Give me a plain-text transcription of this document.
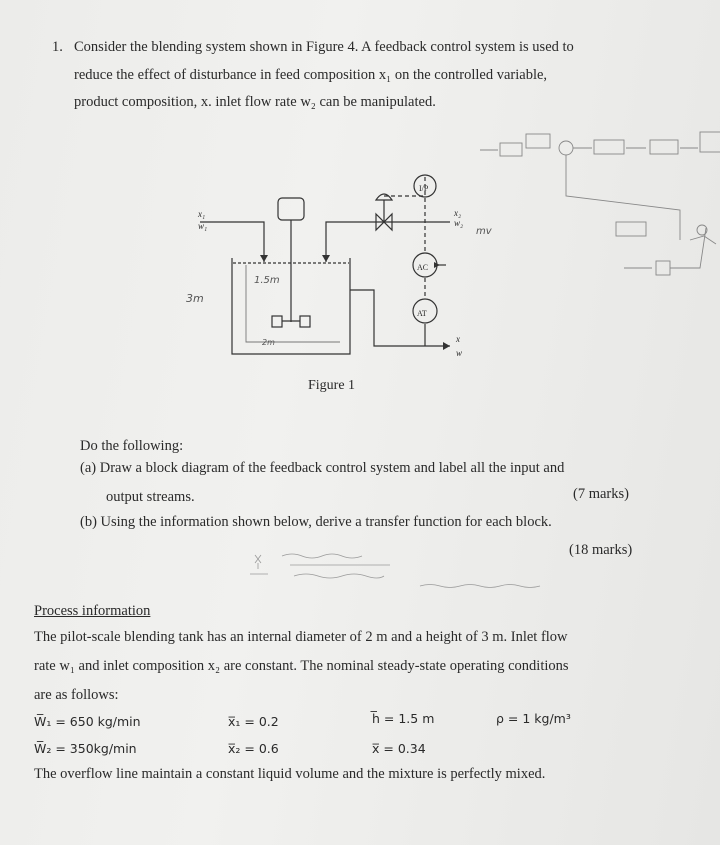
1. Consider the blending system shown in Figure 4. A feedback control system is used to
reduce the effect of disturbance in feed composition x₁ on the controlled variable,
product composition, x. inlet flow rate w₂ can be manipulated.
I/P
AC
AT
x₂
w₂
x
w
x₁
w₁
3m
1.5m
2m
mv
Figure 1
Do the following:
(a) Draw a block diagram of the feedback control system and label all the input and
output streams.	(7 marks)
(b) Using the information shown below, derive a transfer function for each block.
(18 marks)
Process information
The pilot-scale blending tank has an internal diameter of 2 m and a height of 3 m. Inlet flow
rate w₁ and inlet composition x₂ are constant. The nominal steady-state operating conditions
are as follows:
W̅₁ = 650 kg/min
W̅₂ = 350kg/min
x̅₁ = 0.2
x̅₂ = 0.6
h̅ = 1.5 m
x̅ = 0.34
ρ = 1 kg/m³
The overflow line maintain a constant liquid volume and the mixture is perfectly mixed.
